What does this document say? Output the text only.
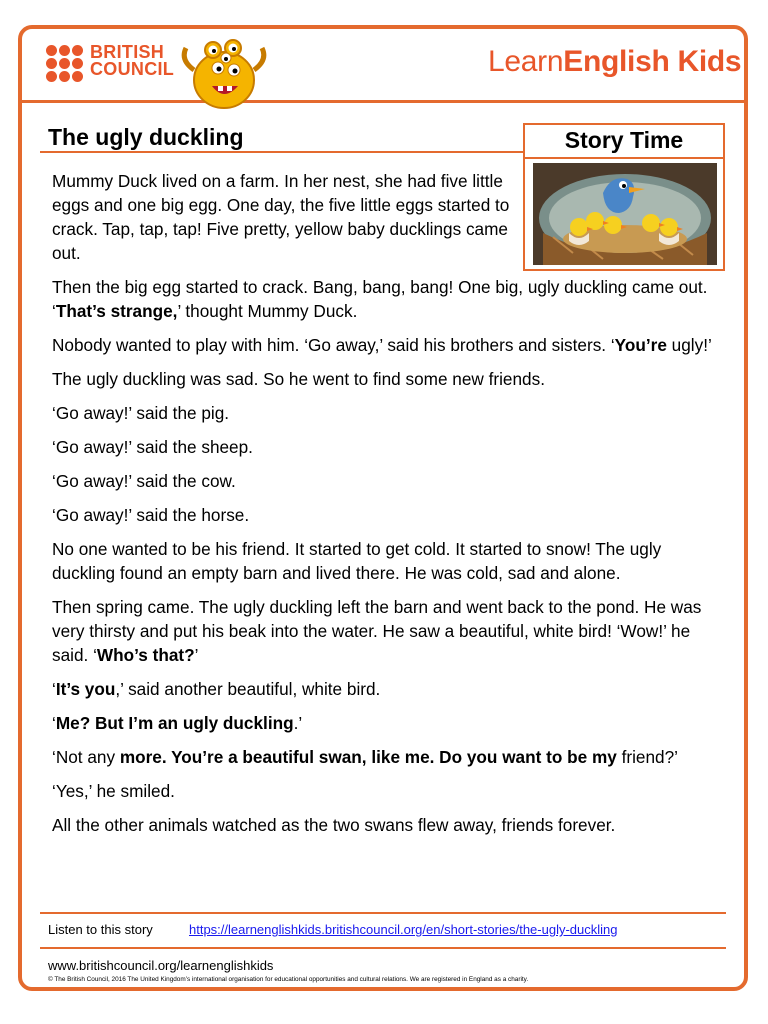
BRITISH
COUNCIL	LearnEnglish Kids
The ugly duckling	Story Time

Mummy Duck lived on a farm. In her nest, she had five little eggs and one big egg. One day, the five little eggs started to crack. Tap, tap, tap! Five pretty, yellow baby ducklings came out.

Then the big egg started to crack. Bang, bang, bang! One big, ugly duckling came out. ‘That’s strange,’ thought Mummy Duck.

Nobody wanted to play with him. ‘Go away,’ said his brothers and sisters. ‘You’re ugly!’

The ugly duckling was sad. So he went to find some new friends.

‘Go away!’ said the pig.

‘Go away!’ said the sheep.

‘Go away!’ said the cow.

‘Go away!’ said the horse.

No one wanted to be his friend. It started to get cold. It started to snow! The ugly duckling found an empty barn and lived there. He was cold, sad and alone.

Then spring came. The ugly duckling left the barn and went back to the pond. He was very thirsty and put his beak into the water. He saw a beautiful, white bird! ‘Wow!’ he said. ‘Who’s that?’

‘It’s you,’ said another beautiful, white bird.

‘Me? But I’m an ugly duckling.’

‘Not any more. You’re a beautiful swan, like me. Do you want to be my friend?’

‘Yes,’ he smiled.

All the other animals watched as the two swans flew away, friends forever.

Listen to this story	https://learnenglishkids.britishcouncil.org/en/short-stories/the-ugly-duckling
www.britishcouncil.org/learnenglishkids
© The British Council, 2016 The United Kingdom’s international organisation for educational opportunities and cultural relations. We are registered in England as a charity.
